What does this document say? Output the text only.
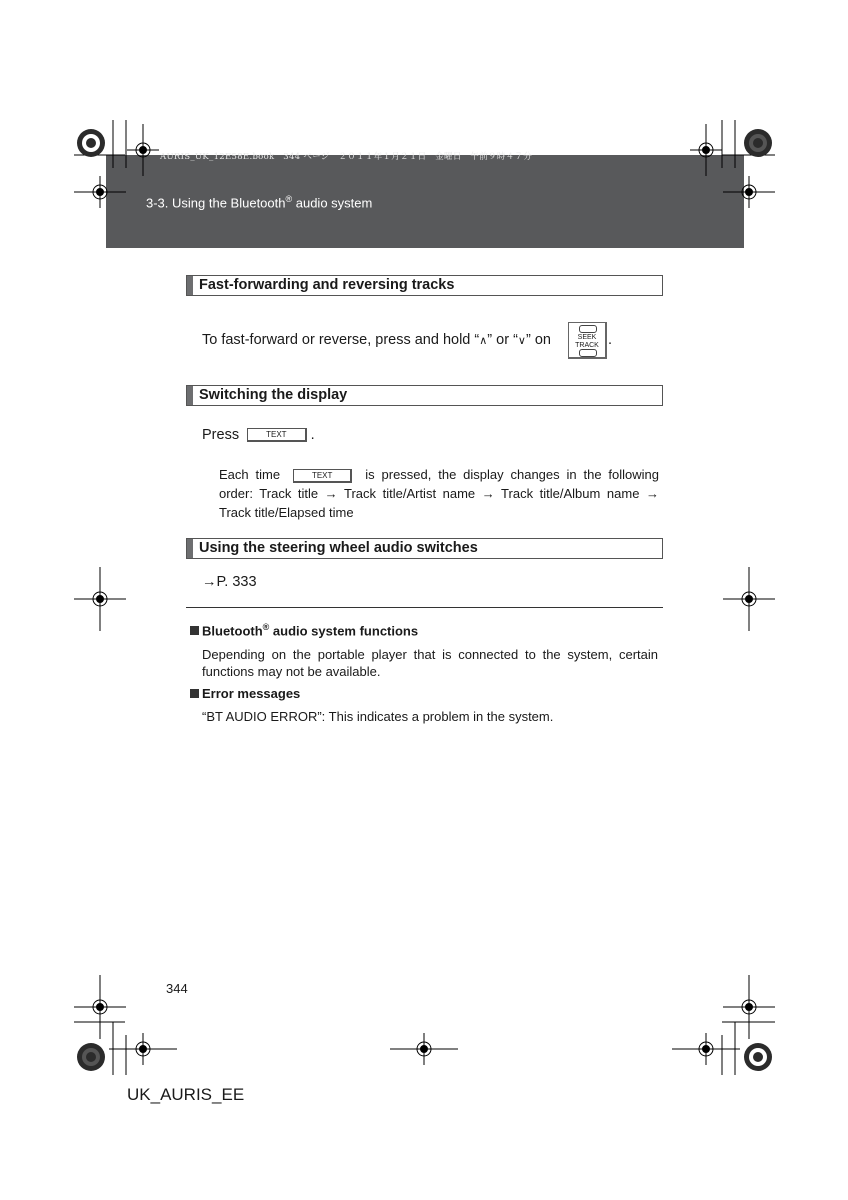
AURIS_UK_12E58E.book　344 ページ　２０１１年１月２１日　金曜日　午前９時４７分
3-3. Using the Bluetooth® audio system
Fast-forwarding and reversing tracks
To fast-forward or reverse, press and hold “∧” or “∨” on	SEEK
TRACK .
Switching the display
Press	TEXT .
Each time	TEXT	is pressed, the display changes in the following order: Track title → Track title/Artist name → Track title/Album name → Track title/Elapsed time
Using the steering wheel audio switches
→P. 333
Bluetooth® audio system functions
Depending on the portable player that is connected to the system, certain functions may not be available.
Error messages
“BT AUDIO ERROR”: This indicates a problem in the system.
344
UK_AURIS_EE
